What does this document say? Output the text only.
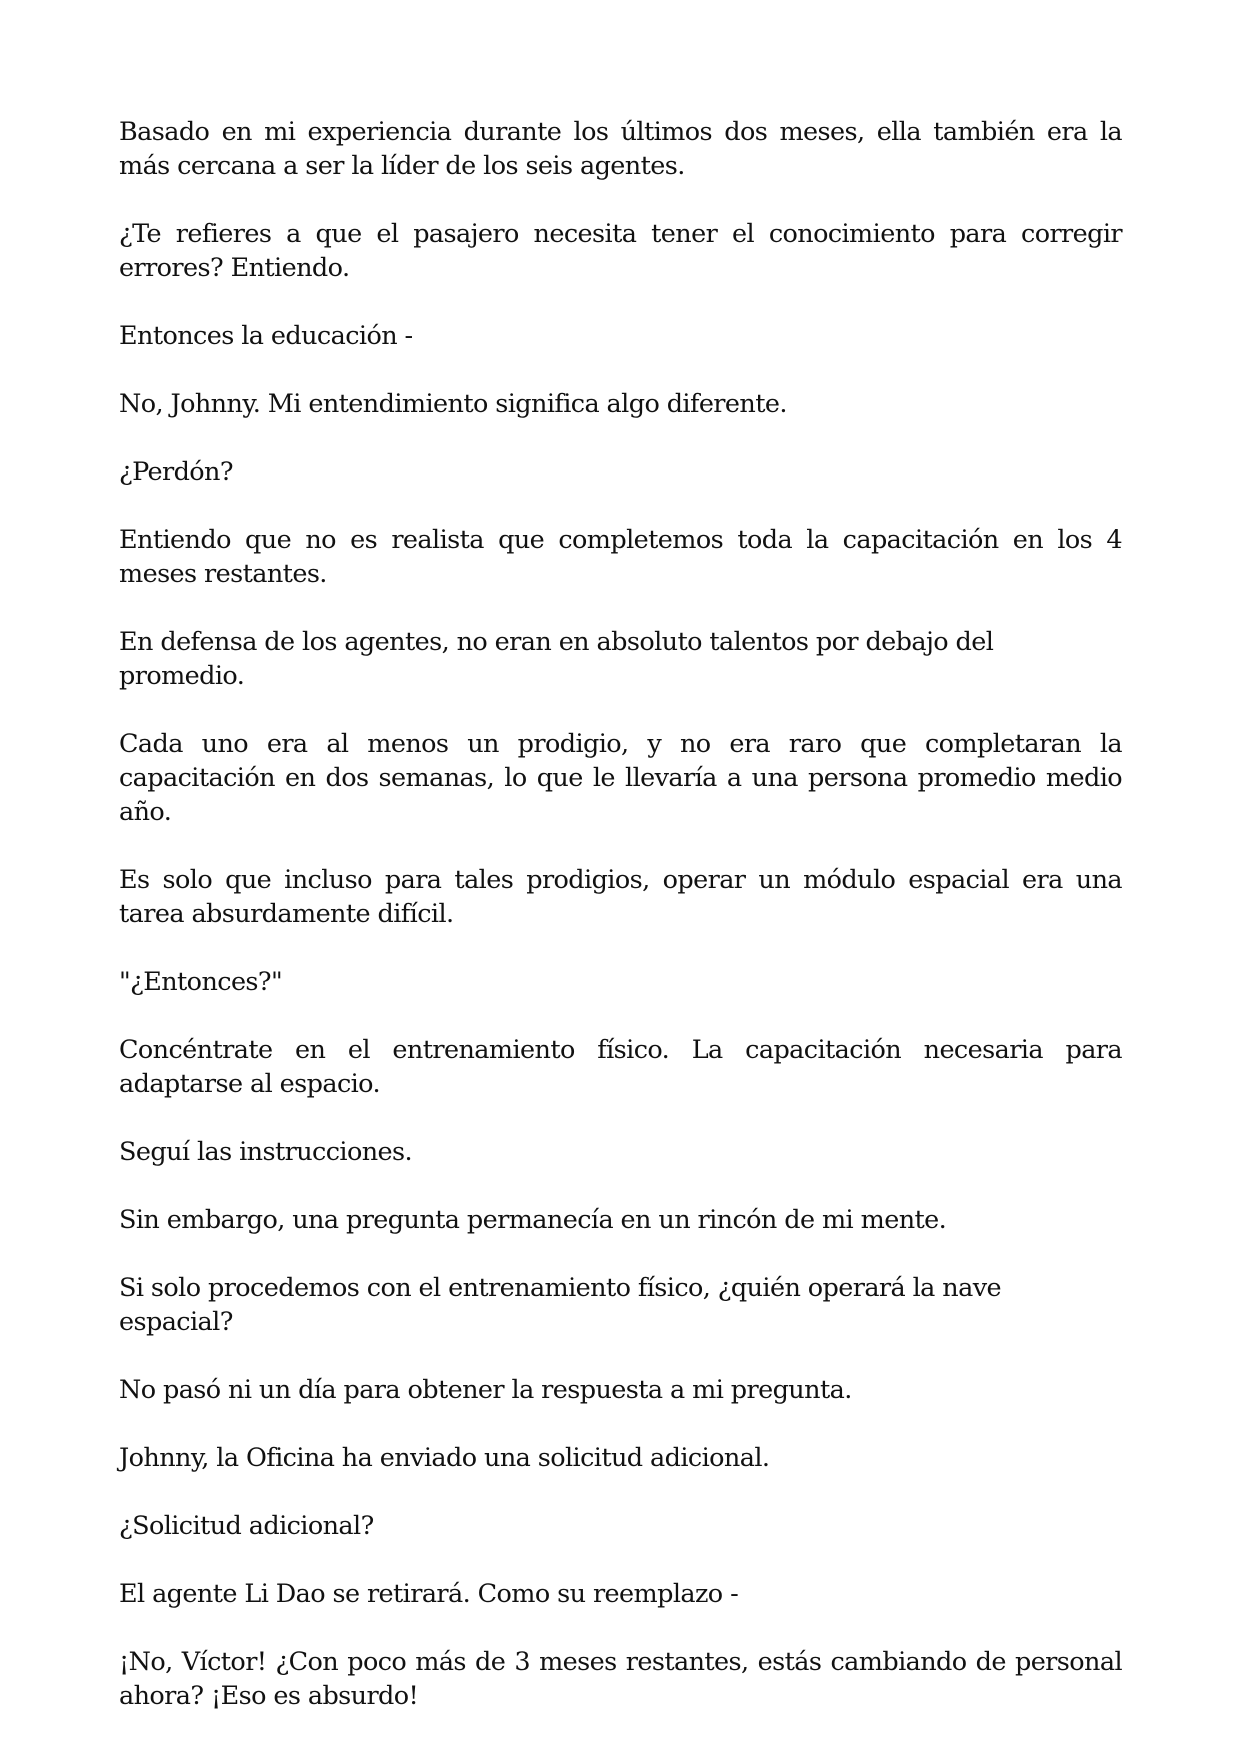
Basado en mi experiencia durante los últimos dos meses, ella también era la más cercana a ser la líder de los seis agentes.

¿Te refieres a que el pasajero necesita tener el conocimiento para corregir errores? Entiendo.

Entonces la educación -

No, Johnny. Mi entendimiento significa algo diferente.

¿Perdón?

Entiendo que no es realista que completemos toda la capacitación en los 4 meses restantes.

En defensa de los agentes, no eran en absoluto talentos por debajo del promedio.

Cada uno era al menos un prodigio, y no era raro que completaran la capacitación en dos semanas, lo que le llevaría a una persona promedio medio año.

Es solo que incluso para tales prodigios, operar un módulo espacial era una tarea absurdamente difícil.

"¿Entonces?"

Concéntrate en el entrenamiento físico. La capacitación necesaria para adaptarse al espacio.

Seguí las instrucciones.

Sin embargo, una pregunta permanecía en un rincón de mi mente.

Si solo procedemos con el entrenamiento físico, ¿quién operará la nave espacial?

No pasó ni un día para obtener la respuesta a mi pregunta.

Johnny, la Oficina ha enviado una solicitud adicional.

¿Solicitud adicional?

El agente Li Dao se retirará. Como su reemplazo -

¡No, Víctor! ¿Con poco más de 3 meses restantes, estás cambiando de personal ahora? ¡Eso es absurdo!
